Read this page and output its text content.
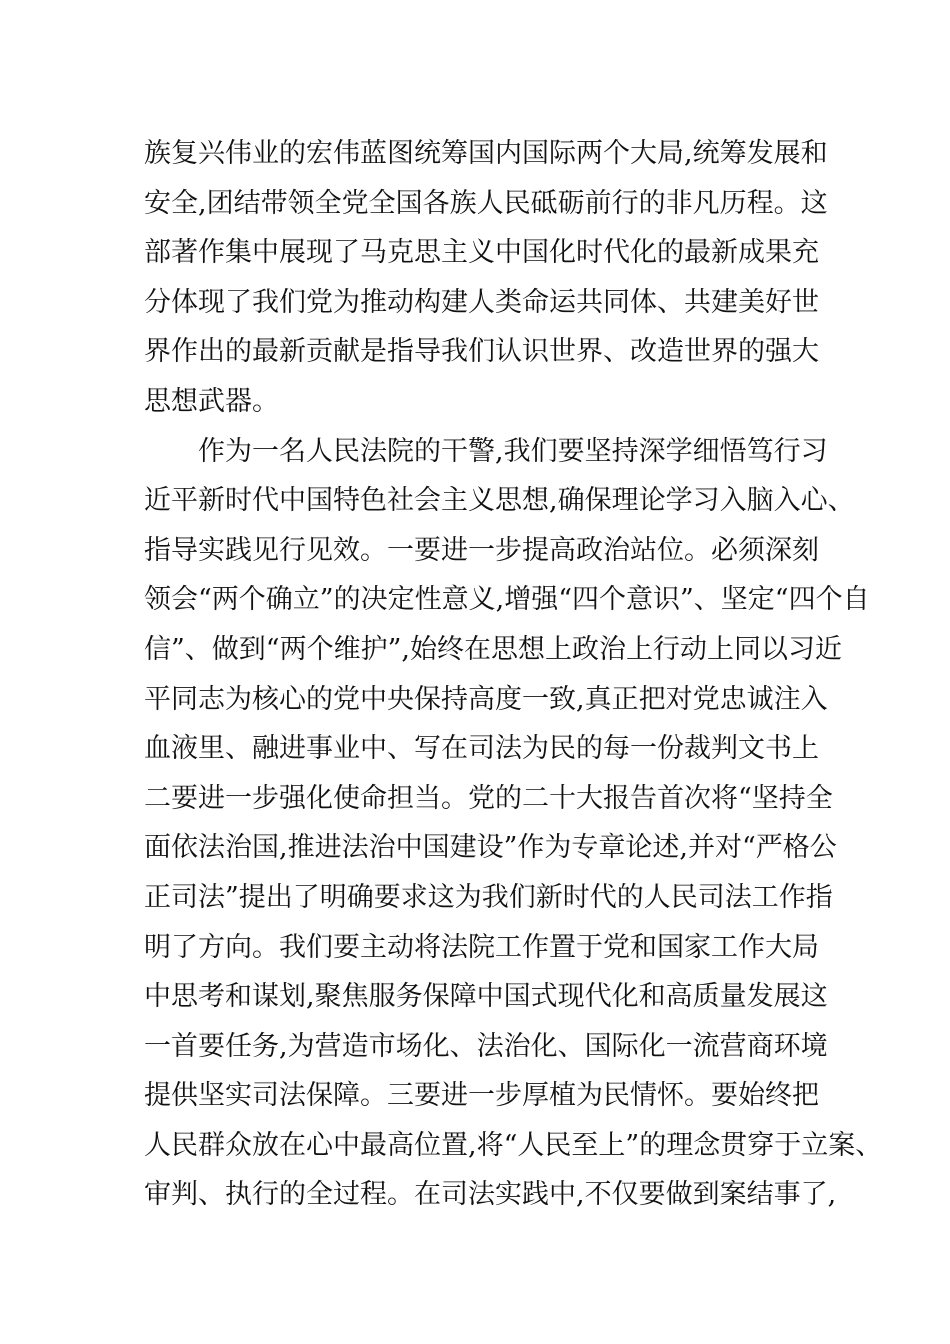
族复兴伟业的宏伟蓝图统筹国内国际两个大局,统筹发展和
安全,团结带领全党全国各族人民砥砺前行的非凡历程。这
部著作集中展现了马克思主义中国化时代化的最新成果充
分体现了我们党为推动构建人类命运共同体、共建美好世
界作出的最新贡献是指导我们认识世界、改造世界的强大
思想武器。
作为一名人民法院的干警,我们要坚持深学细悟笃行习
近平新时代中国特色社会主义思想,确保理论学习入脑入心、
指导实践见行见效。一要进一步提高政治站位。必须深刻
领会“两个确立”的决定性意义,增强“四个意识”、坚定“四个自
信”、做到“两个维护”,始终在思想上政治上行动上同以习近
平同志为核心的党中央保持高度一致,真正把对党忠诚注入
血液里、融进事业中、写在司法为民的每一份裁判文书上
二要进一步强化使命担当。党的二十大报告首次将“坚持全
面依法治国,推进法治中国建设”作为专章论述,并对“严格公
正司法”提出了明确要求这为我们新时代的人民司法工作指
明了方向。我们要主动将法院工作置于党和国家工作大局
中思考和谋划,聚焦服务保障中国式现代化和高质量发展这
一首要任务,为营造市场化、法治化、国际化一流营商环境
提供坚实司法保障。三要进一步厚植为民情怀。要始终把
人民群众放在心中最高位置,将“人民至上”的理念贯穿于立案、
审判、执行的全过程。在司法实践中,不仅要做到案结事了,
